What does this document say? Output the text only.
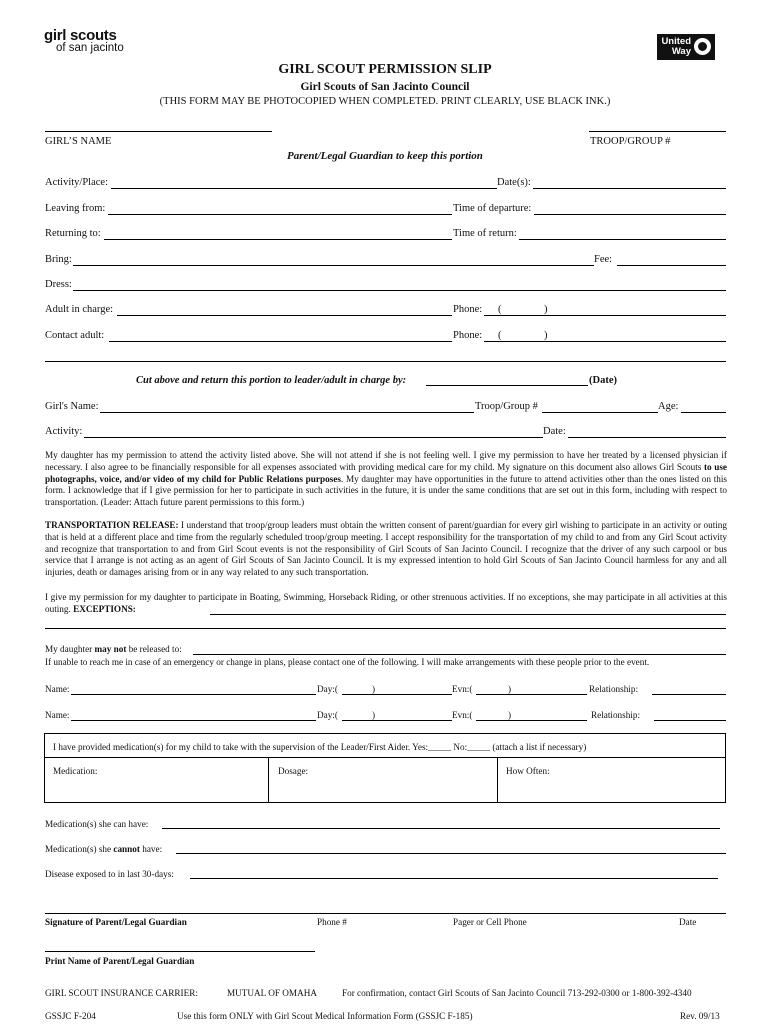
girl scouts
of san jacinto
United
Way
GIRL SCOUT PERMISSION SLIP
Girl Scouts of San Jacinto Council
(THIS FORM MAY BE PHOTOCOPIED WHEN COMPLETED. PRINT CLEARLY, USE BLACK INK.)
GIRL’S NAME	TROOP/GROUP #
Parent/Legal Guardian to keep this portion
Activity/Place:	Date(s):
Leaving from:	Time of departure:
Returning to:	Time of return:
Bring:	Fee:
Dress:
Adult in charge:	Phone: (	)
Contact adult:	Phone: (	)
Cut above and return this portion to leader/adult in charge by:	(Date)
Girl's Name:	Troop/Group #	Age:
Activity:	Date:
My daughter has my permission to attend the activity listed above. She will not attend if she is not feeling well. I give my permission to have her treated by a licensed physician if necessary. I also agree to be financially responsible for all expenses associated with providing medical care for my child. My signature on this document also allows Girl Scouts to use photographs, voice, and/or video of my child for Public Relations purposes. My daughter may have opportunities in the future to attend activities other than the ones listed on this form. I acknowledge that if I give permission for her to participate in such activities in the future, it is under the same conditions that are set out in this form, including with respect to transportation. (Leader: Attach future parent permissions to this form.)
TRANSPORTATION RELEASE: I understand that troop/group leaders must obtain the written consent of parent/guardian for every girl wishing to participate in an activity or outing that is held at a different place and time from the regularly scheduled troop/group meeting. I accept responsibility for the transportation of my child to and from any Girl Scout activity and recognize that transportation to and from Girl Scout events is not the responsibility of Girl Scouts of San Jacinto Council. I recognize that the driver of any such carpool or bus service that I arrange is not acting as an agent of Girl Scouts of San Jacinto Council. It is my expressed intention to hold Girl Scouts of San Jacinto Council harmless for any and all injuries, death or damages arising from or in any way related to any such transportation.
I give my permission for my daughter to participate in Boating, Swimming, Horseback Riding, or other strenuous activities. If no exceptions, she may participate in all activities at this outing. EXCEPTIONS:
My daughter may not be released to:
If unable to reach me in case of an emergency or change in plans, please contact one of the following. I will make arrangements with these people prior to the event.
Name:	Day:(	)	Evn:(	)	Relationship:
Name:	Day:(	)	Evn:(	)	Relationship:
I have provided medication(s) for my child to take with the supervision of the Leader/First Aider. Yes:_____ No:_____ (attach a list if necessary)
Medication:	Dosage:	How Often:
Medication(s) she can have:
Medication(s) she cannot have:
Disease exposed to in last 30-days:
Signature of Parent/Legal Guardian	Phone #	Pager or Cell Phone	Date
Print Name of Parent/Legal Guardian
GIRL SCOUT INSURANCE CARRIER:	MUTUAL OF OMAHA	For confirmation, contact Girl Scouts of San Jacinto Council 713-292-0300 or 1-800-392-4340
GSSJC F-204	Use this form ONLY with Girl Scout Medical Information Form (GSSJC F-185)	Rev. 09/13
